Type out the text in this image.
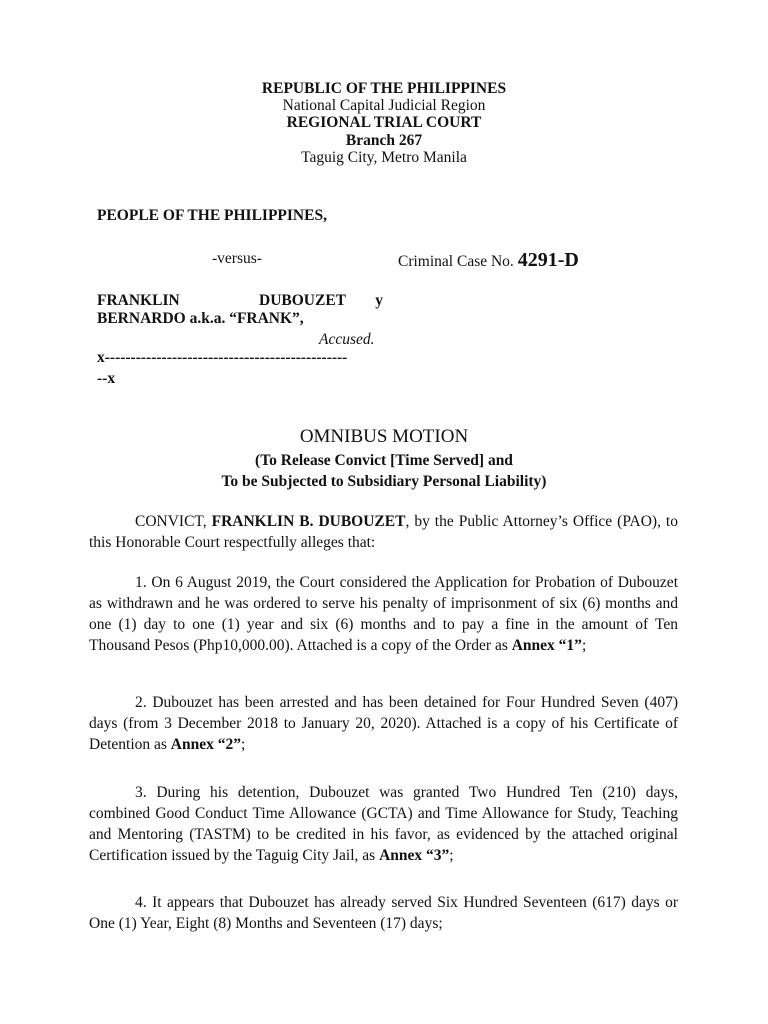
REPUBLIC OF THE PHILIPPINES
National Capital Judicial Region
REGIONAL TRIAL COURT
Branch 267
Taguig City, Metro Manila
PEOPLE OF THE PHILIPPINES,
-versus-	Criminal Case No. 4291-D
FRANKLIN	DUBOUZET y
BERNARDO a.k.a. “FRANK”,
Accused.
x-----------------------------------------------
--x
OMNIBUS MOTION
(To Release Convict [Time Served] and
To be Subjected to Subsidiary Personal Liability)
CONVICT, FRANKLIN B. DUBOUZET, by the Public Attorney’s Office (PAO), to this Honorable Court respectfully alleges that:
1. On 6 August 2019, the Court considered the Application for Probation of Dubouzet as withdrawn and he was ordered to serve his penalty of imprisonment of six (6) months and one (1) day to one (1) year and six (6) months and to pay a fine in the amount of Ten Thousand Pesos (Php10,000.00). Attached is a copy of the Order as Annex “1”;
2. Dubouzet has been arrested and has been detained for Four Hundred Seven (407) days (from 3 December 2018 to January 20, 2020). Attached is a copy of his Certificate of Detention as Annex “2”;
3. During his detention, Dubouzet was granted Two Hundred Ten (210) days, combined Good Conduct Time Allowance (GCTA) and Time Allowance for Study, Teaching and Mentoring (TASTM) to be credited in his favor, as evidenced by the attached original Certification issued by the Taguig City Jail, as Annex “3”;
4. It appears that Dubouzet has already served Six Hundred Seventeen (617) days or One (1) Year, Eight (8) Months and Seventeen (17) days;
